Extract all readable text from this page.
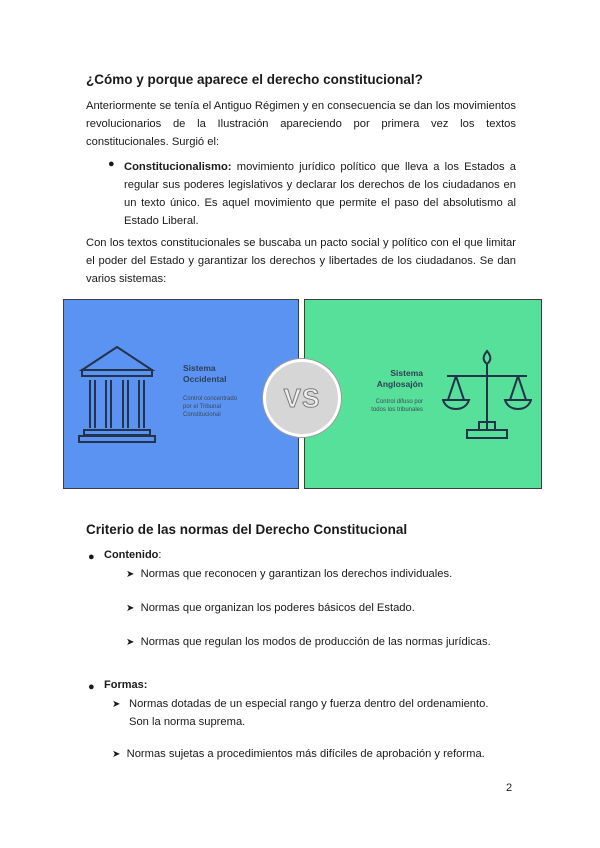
¿Cómo y porque aparece el derecho constitucional?
Anteriormente se tenía el Antiguo Régimen y en consecuencia se dan los movimientos revolucionarios de la Ilustración apareciendo por primera vez los textos constitucionales. Surgió el:
● Constitucionalismo: movimiento jurídico político que lleva a los Estados a regular sus poderes legislativos y declarar los derechos de los ciudadanos en un texto único. Es aquel movimiento que permite el paso del absolutismo al Estado Liberal.
Con los textos constitucionales se buscaba un pacto social y político con el que limitar el poder del Estado y garantizar los derechos y libertades de los ciudadanos. Se dan varios sistemas:
Sistema
Occidental
Control concentrado
por el Tribunal
Constitucional
Sistema
Anglosajón
Control difuso por
todos los tribunales
VS
Criterio de las normas del Derecho Constitucional
● Contenido:
➤ Normas que reconocen y garantizan los derechos individuales.
➤ Normas que organizan los poderes básicos del Estado.
➤ Normas que regulan los modos de producción de las normas jurídicas.
● Formas:
➤ Normas dotadas de un especial rango y fuerza dentro del ordenamiento.
Son la norma suprema.
➤ Normas sujetas a procedimientos más difíciles de aprobación y reforma.
2
